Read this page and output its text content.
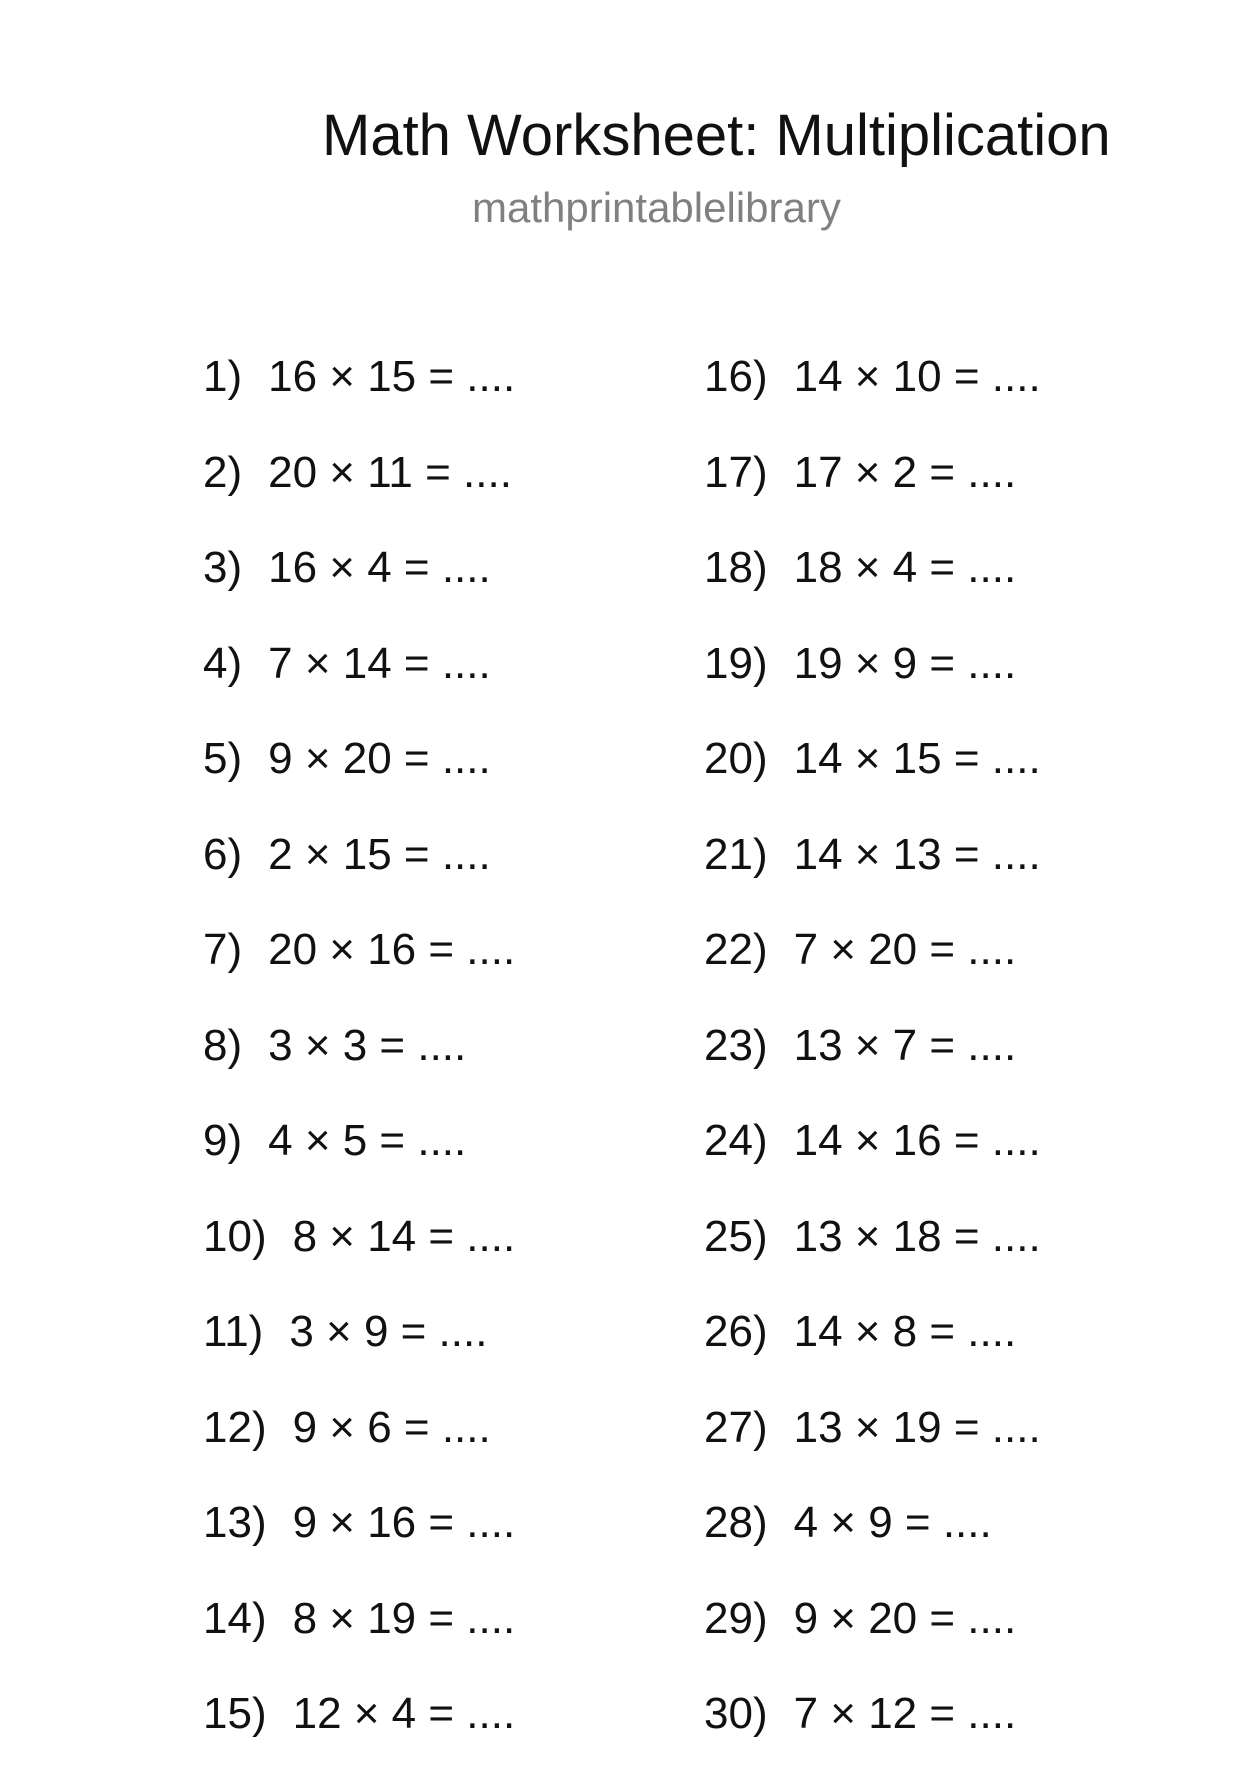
Math Worksheet: Multiplication
mathprintablelibrary
1) 16 × 15 = ....
2) 20 × 11 = ....
3) 16 × 4 = ....
4) 7 × 14 = ....
5) 9 × 20 = ....
6) 2 × 15 = ....
7) 20 × 16 = ....
8) 3 × 3 = ....
9) 4 × 5 = ....
10) 8 × 14 = ....
11) 3 × 9 = ....
12) 9 × 6 = ....
13) 9 × 16 = ....
14) 8 × 19 = ....
15) 12 × 4 = ....
16) 14 × 10 = ....
17) 17 × 2 = ....
18) 18 × 4 = ....
19) 19 × 9 = ....
20) 14 × 15 = ....
21) 14 × 13 = ....
22) 7 × 20 = ....
23) 13 × 7 = ....
24) 14 × 16 = ....
25) 13 × 18 = ....
26) 14 × 8 = ....
27) 13 × 19 = ....
28) 4 × 9 = ....
29) 9 × 20 = ....
30) 7 × 12 = ....
